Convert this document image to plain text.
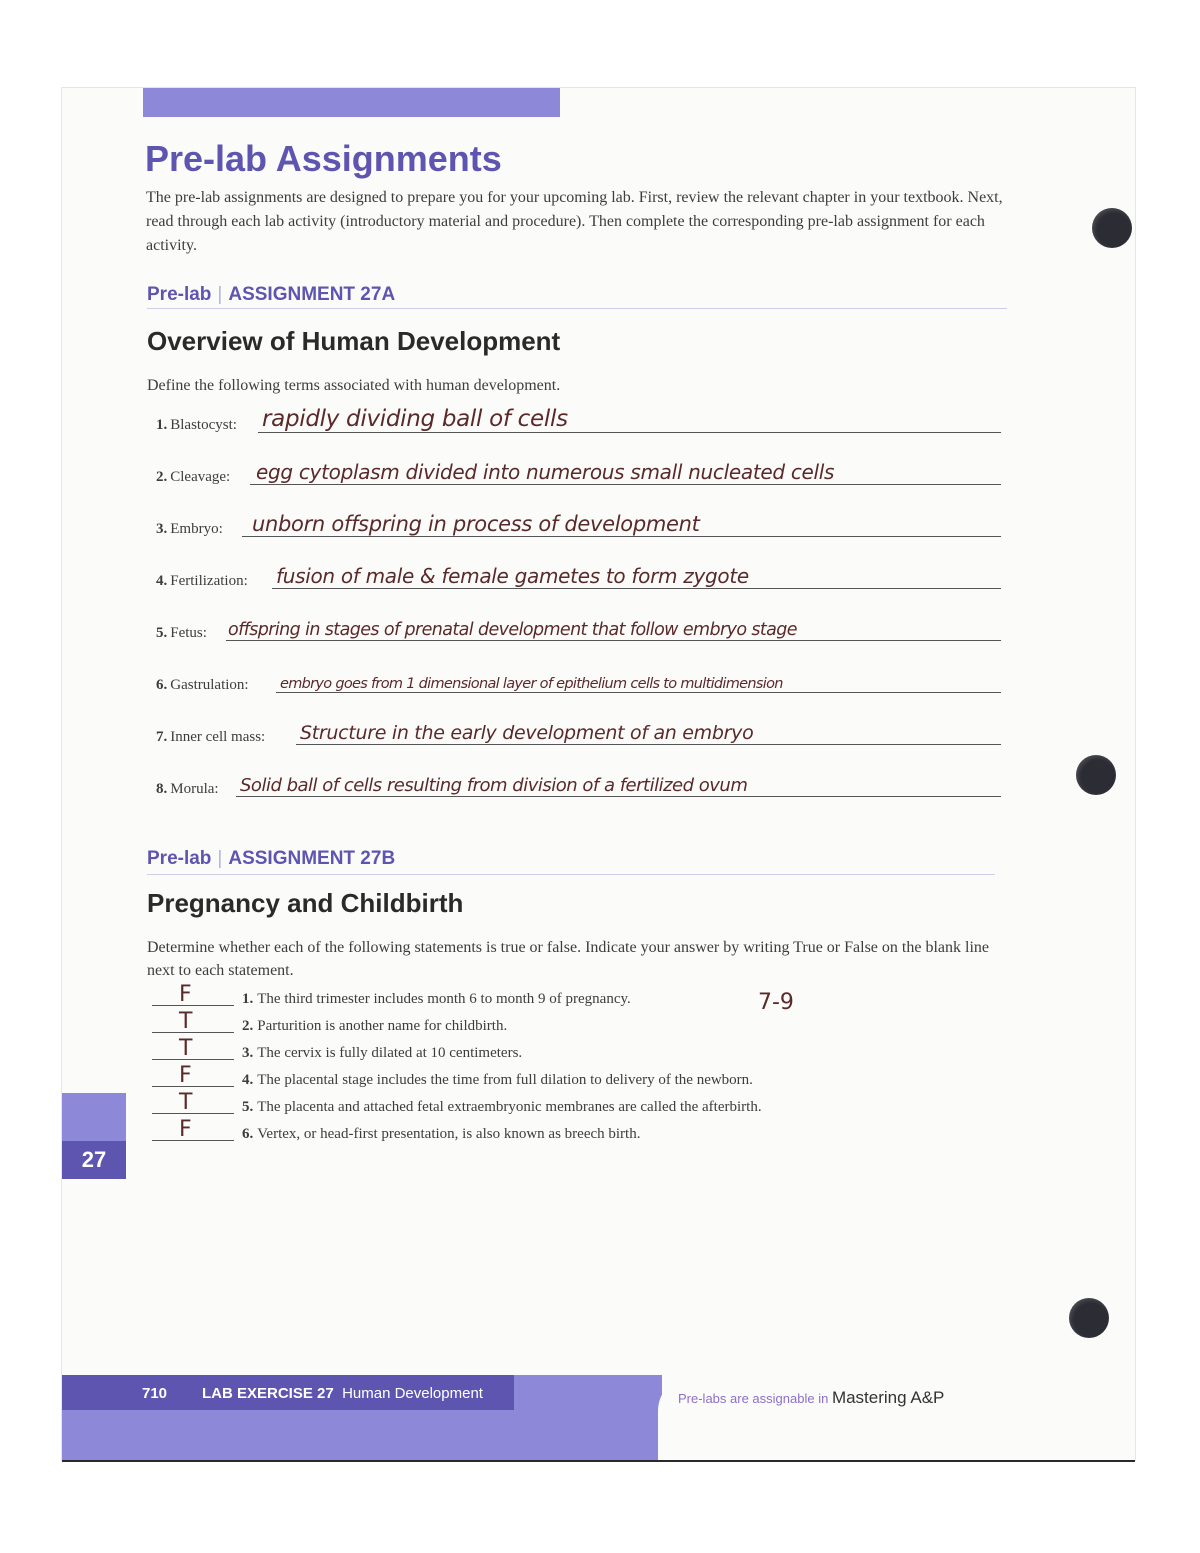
Pre-lab Assignments

The pre-lab assignments are designed to prepare you for your upcoming lab. First, review the relevant chapter in your textbook. Next, read through each lab activity (introductory material and procedure). Then complete the corresponding pre-lab assignment for each activity.

Pre-lab | ASSIGNMENT 27A
Overview of Human Development

Define the following terms associated with human development.

1. Blastocyst: rapidly dividing ball of cells
2. Cleavage: egg cytoplasm divided into numerous small nucleated cells
3. Embryo: unborn offspring in process of development
4. Fertilization: fusion of male & female gametes to form zygote
5. Fetus: offspring in stages of prenatal development that follow embryo stage
6. Gastrulation: embryo goes from 1 dimensional layer of epithelium cells to multidimension
7. Inner cell mass: Structure in the early development of an embryo
8. Morula: Solid ball of cells resulting from division of a fertilized ovum
Pre-lab | ASSIGNMENT 27B
Pregnancy and Childbirth

Determine whether each of the following statements is true or false. Indicate your answer by writing True or False on the blank line next to each statement.

F	1. The third trimester includes month 6 to month 9 of pregnancy.
T	2. Parturition is another name for childbirth.
T	3. The cervix is fully dilated at 10 centimeters.
F	4. The placental stage includes the time from full dilation to delivery of the newborn.
T	5. The placenta and attached fetal extraembryonic membranes are called the afterbirth.
F	6. Vertex, or head-first presentation, is also known as breech birth.
7-9
27
710 LAB EXERCISE 27 Human Development	Pre-labs are assignable in Mastering A&P
